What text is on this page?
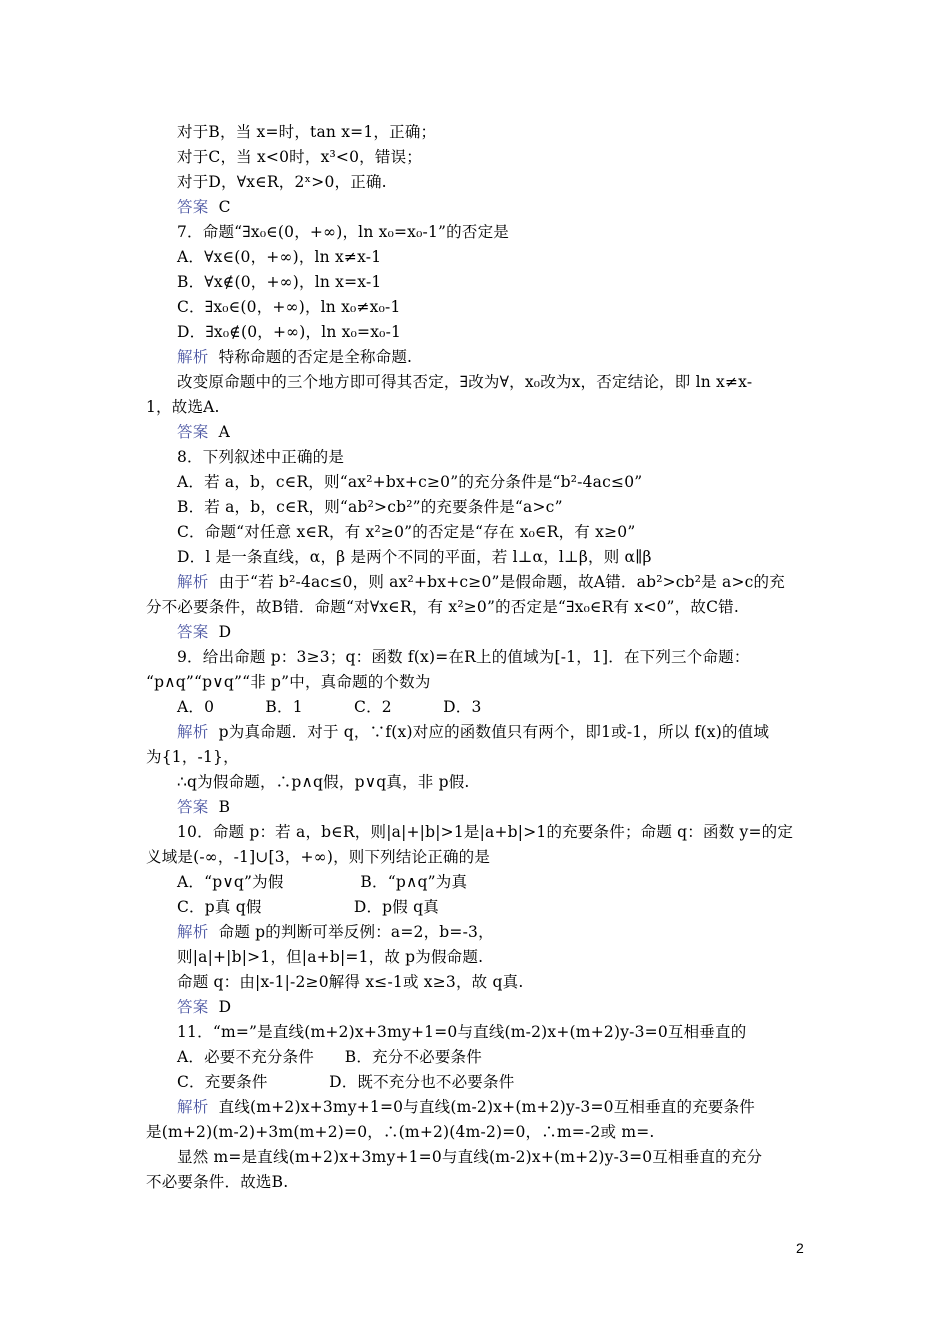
对于B，当 x=时，tan x=1，正确；
对于C，当 x<0时，x³<0，错误；
对于D，∀x∈R，2ˣ>0，正确.
答案  C
7．命题“∃x₀∈(0，+∞)，ln x₀=x₀-1”的否定是
A．∀x∈(0，+∞)，ln x≠x-1
B．∀x∉(0，+∞)，ln x=x-1
C．∃x₀∈(0，+∞)，ln x₀≠x₀-1
D．∃x₀∉(0，+∞)，ln x₀=x₀-1
解析  特称命题的否定是全称命题.
改变原命题中的三个地方即可得其否定，∃改为∀，x₀改为x，否定结论，即 ln x≠x-
1，故选A.
答案  A
8．下列叙述中正确的是
A．若 a，b，c∈R，则“ax²+bx+c≥0”的充分条件是“b²-4ac≤0”
B．若 a，b，c∈R，则“ab²>cb²”的充要条件是“a>c”
C．命题“对任意 x∈R，有 x²≥0”的否定是“存在 x₀∈R，有 x≥0”
D．l 是一条直线，α，β 是两个不同的平面，若 l⊥α，l⊥β，则 α∥β
解析  由于“若 b²-4ac≤0，则 ax²+bx+c≥0”是假命题，故A错．ab²>cb²是 a>c的充
分不必要条件，故B错．命题“对∀x∈R，有 x²≥0”的否定是“∃x₀∈R有 x<0”，故C错.
答案  D
9．给出命题 p：3≥3；q：函数 f(x)=在R上的值域为[-1，1]．在下列三个命题：
“p∧q”“p∨q”“非 p”中，真命题的个数为
A．0          B．1          C．2          D．3
解析  p为真命题．对于 q，∵f(x)对应的函数值只有两个，即1或-1，所以 f(x)的值域
为{1，-1}，
∴q为假命题，∴p∧q假，p∨q真，非 p假.
答案  B
10．命题 p：若 a，b∈R，则|a|+|b|>1是|a+b|>1的充要条件；命题 q：函数 y=的定
义域是(-∞，-1]∪[3，+∞)，则下列结论正确的是
A．“p∨q”为假               B．“p∧q”为真
C．p真 q假                  D．p假 q真
解析  命题 p的判断可举反例：a=2，b=-3，
则|a|+|b|>1，但|a+b|=1，故 p为假命题.
命题 q：由|x-1|-2≥0解得 x≤-1或 x≥3，故 q真.
答案  D
11．“m=”是直线(m+2)x+3my+1=0与直线(m-2)x+(m+2)y-3=0互相垂直的
A．必要不充分条件      B．充分不必要条件
C．充要条件            D．既不充分也不必要条件
解析  直线(m+2)x+3my+1=0与直线(m-2)x+(m+2)y-3=0互相垂直的充要条件
是(m+2)(m-2)+3m(m+2)=0，∴(m+2)(4m-2)=0，∴m=-2或 m=.
显然 m=是直线(m+2)x+3my+1=0与直线(m-2)x+(m+2)y-3=0互相垂直的充分
不必要条件．故选B.
2
